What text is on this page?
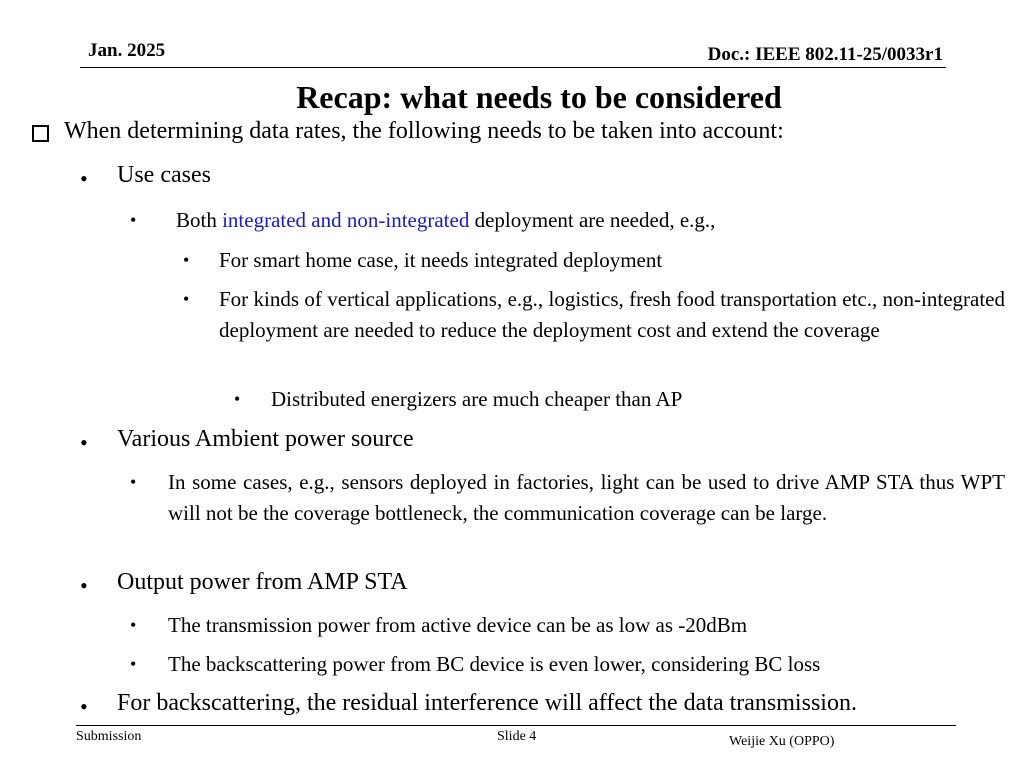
Jan. 2025	Doc.: IEEE 802.11-25/0033r1
Recap: what needs to be considered
When determining data rates, the following needs to be taken into account:
• Use cases
• Both integrated and non-integrated deployment are needed, e.g.,
• For smart home case, it needs integrated deployment
• For kinds of vertical applications, e.g., logistics, fresh food transportation etc., non-integrated deployment are needed to reduce the deployment cost and extend the coverage
• Distributed energizers are much cheaper than AP
• Various Ambient power source
• In some cases, e.g., sensors deployed in factories, light can be used to drive AMP STA thus WPT will not be the coverage bottleneck, the communication coverage can be large.
• Output power from AMP STA
• The transmission power from active device can be as low as -20dBm
• The backscattering power from BC device is even lower, considering BC loss
• For backscattering, the residual interference will affect the data transmission.
Submission	Slide 4	Weijie Xu (OPPO)
